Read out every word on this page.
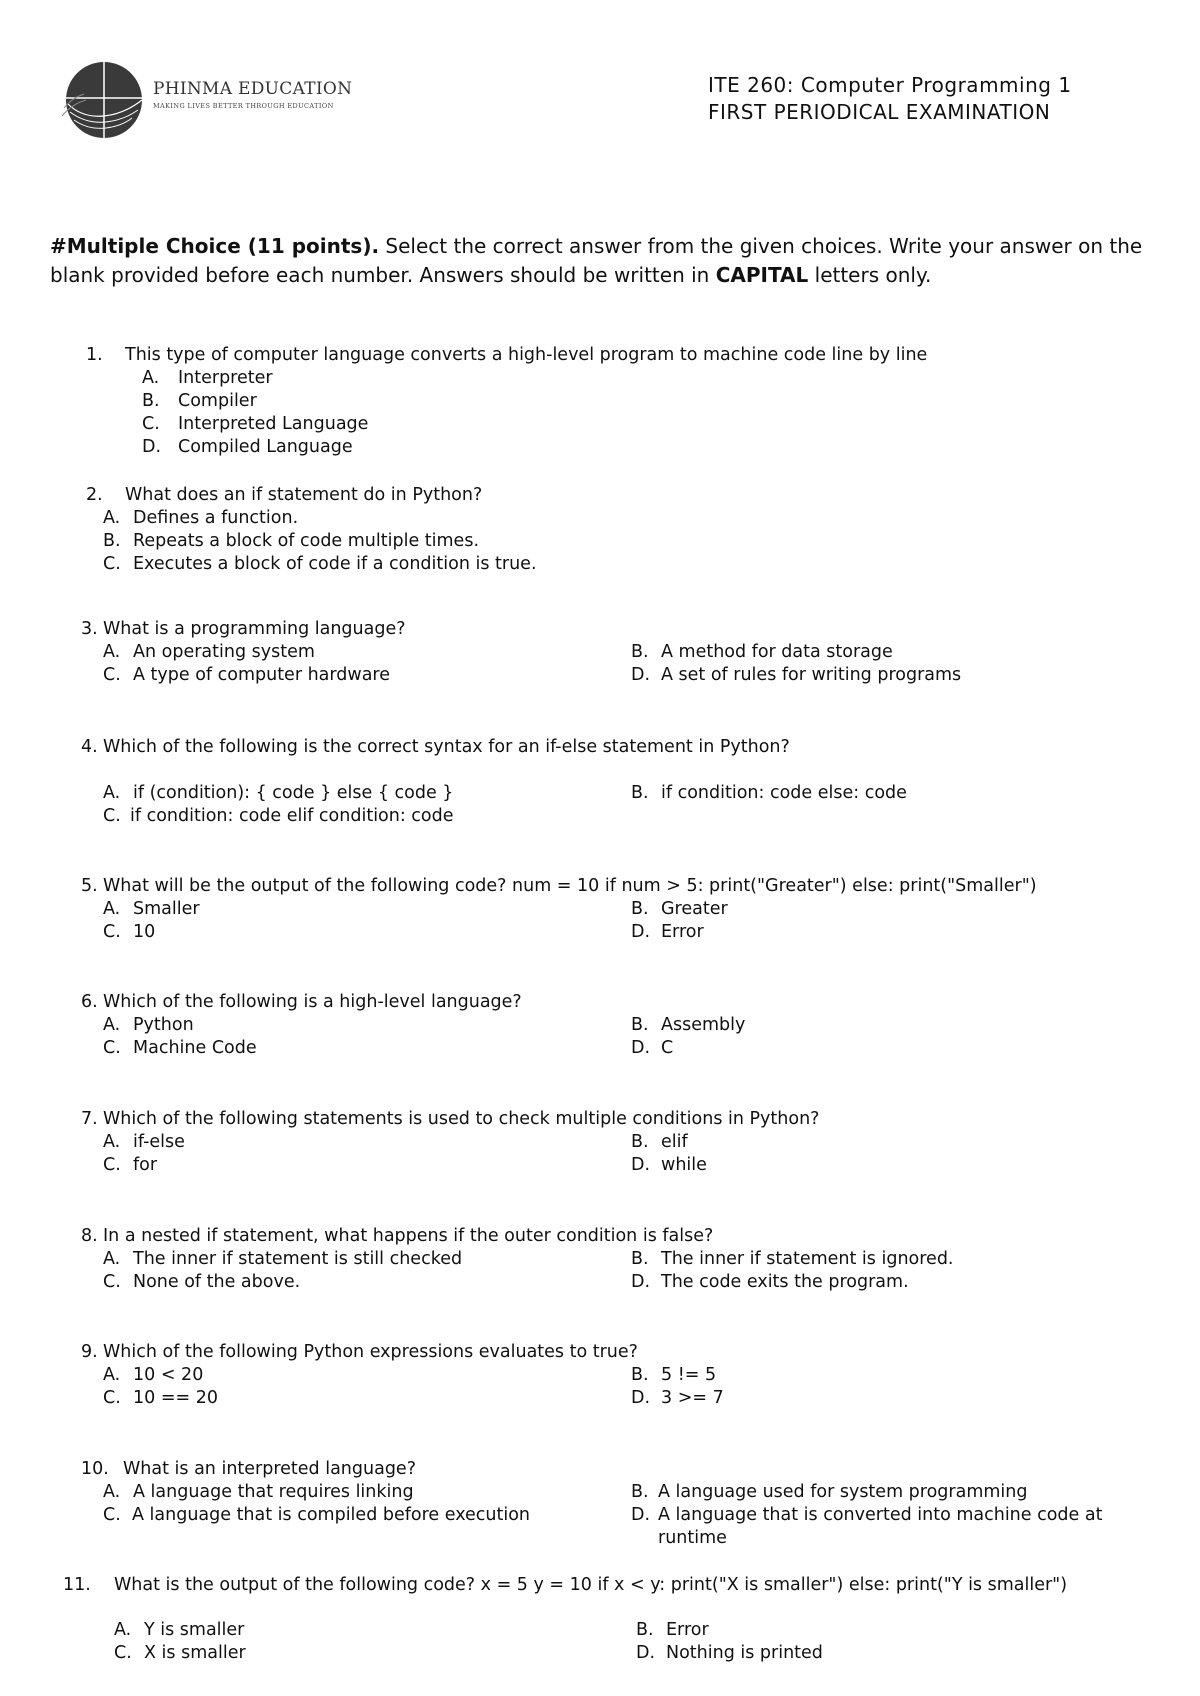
PHINMA EDUCATION
MAKING LIVES BETTER THROUGH EDUCATION
ITE 260: Computer Programming 1
FIRST PERIODICAL EXAMINATION
#Multiple Choice (11 points). Select the correct answer from the given choices. Write your answer on the blank provided before each number. Answers should be written in CAPITAL letters only.
1. This type of computer language converts a high-level program to machine code line by line
A. Interpreter
B. Compiler
C. Interpreted Language
D. Compiled Language
2. What does an if statement do in Python?
A. Defines a function.
B. Repeats a block of code multiple times.
C. Executes a block of code if a condition is true.
3. What is a programming language?
A. An operating system	B. A method for data storage
C. A type of computer hardware	D. A set of rules for writing programs
4. Which of the following is the correct syntax for an if-else statement in Python?
A. if (condition): { code } else { code }	B. if condition: code else: code
C. if condition: code elif condition: code
5. What will be the output of the following code? num = 10 if num > 5: print("Greater") else: print("Smaller")
A. Smaller	B. Greater
C. 10	D. Error
6. Which of the following is a high-level language?
A. Python	B. Assembly
C. Machine Code	D. C
7. Which of the following statements is used to check multiple conditions in Python?
A. if-else	B. elif
C. for	D. while
8. In a nested if statement, what happens if the outer condition is false?
A. The inner if statement is still checked	B. The inner if statement is ignored.
C. None of the above.	D. The code exits the program.
9. Which of the following Python expressions evaluates to true?
A. 10 < 20	B. 5 != 5
C. 10 == 20	D. 3 >= 7
10. What is an interpreted language?
A. A language that requires linking	B. A language used for system programming
C. A language that is compiled before execution	D. A language that is converted into machine code at
runtime
11. What is the output of the following code? x = 5 y = 10 if x < y: print("X is smaller") else: print("Y is smaller")
A. Y is smaller	B. Error
C. X is smaller	D. Nothing is printed
